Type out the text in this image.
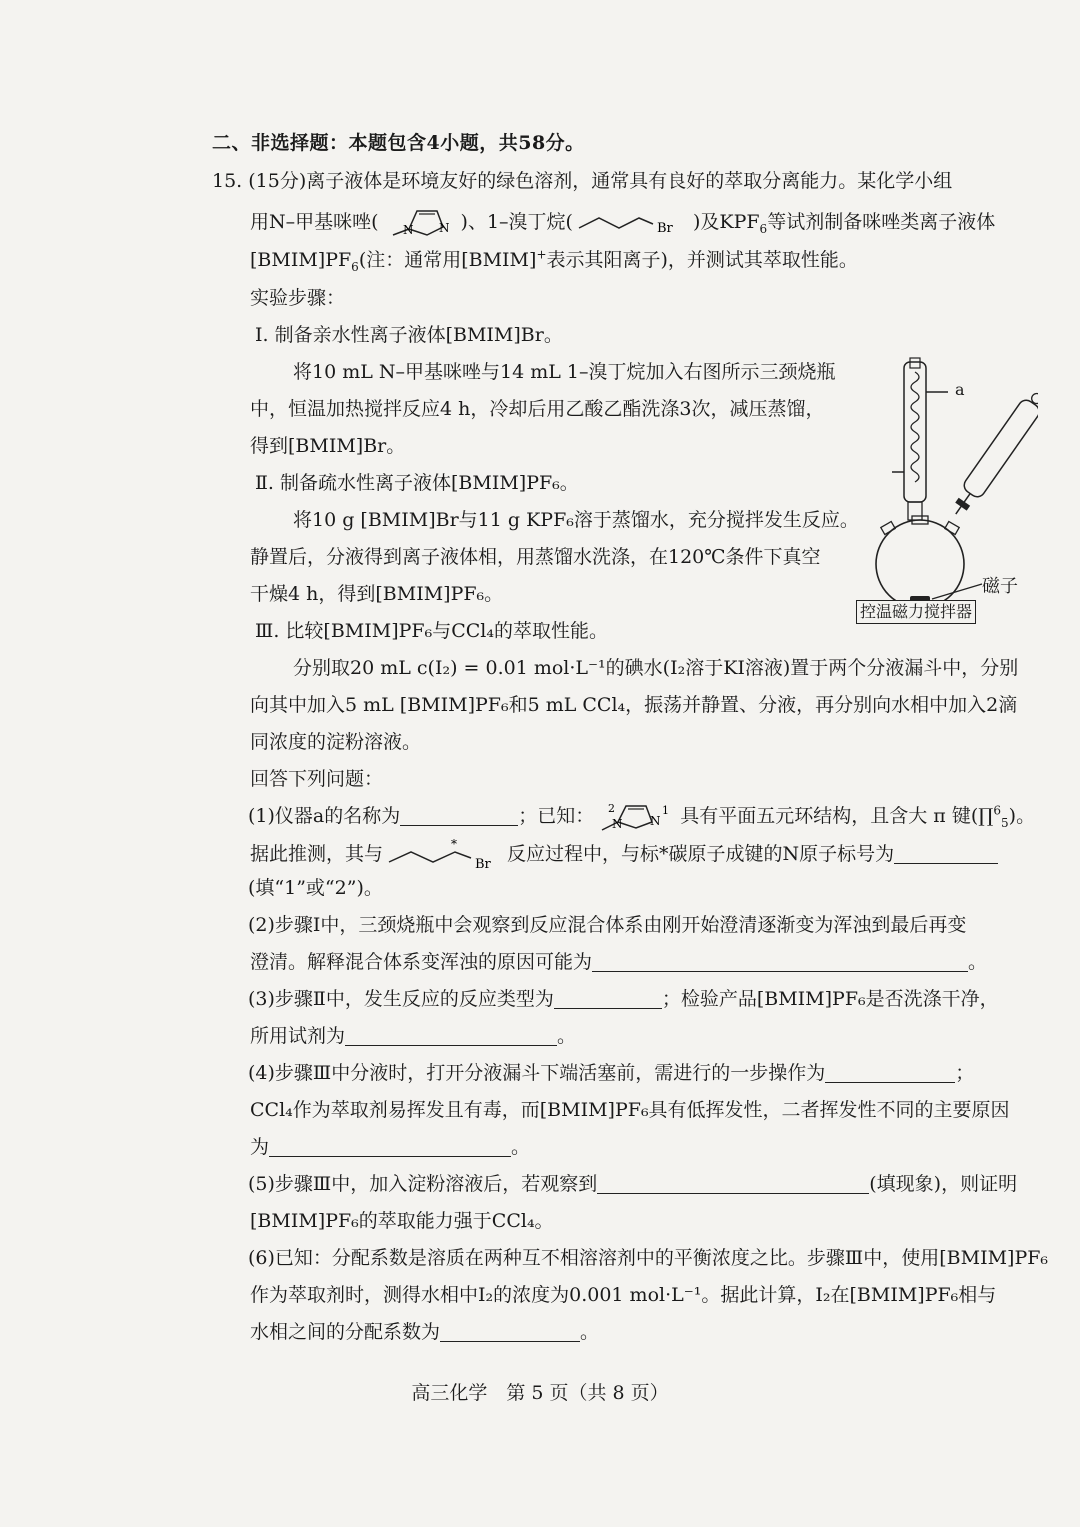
二、非选择题：本题包含4小题，共58分。
15. (15分)离子液体是环境友好的绿色溶剂，通常具有良好的萃取分离能力。某化学小组
用N–甲基咪唑( N N )、1–溴丁烷(	Br )及$KPF_6$等试剂制备咪唑类离子液体
$[BMIM]PF_6$(注：通常用[BMIM]+表示其阳离子)，并测试其萃取性能。
实验步骤：
Ⅰ. 制备亲水性离子液体[BMIM]Br。
将10 mL N–甲基咪唑与14 mL 1–溴丁烷加入右图所示三颈烧瓶
中，恒温加热搅拌反应4 h，冷却后用乙酸乙酯洗涤3次，减压蒸馏，
得到[BMIM]Br。
Ⅱ. 制备疏水性离子液体[BMIM]PF₆。
将10 g [BMIM]Br与11 g KPF₆溶于蒸馏水，充分搅拌发生反应。
静置后，分液得到离子液体相，用蒸馏水洗涤，在120℃条件下真空
干燥4 h，得到[BMIM]PF₆。
a
磁子
控温磁力搅拌器
Ⅲ. 比较[BMIM]PF₆与CCl₄的萃取性能。
分别取20 mL c(I₂) = 0.01 mol·L⁻¹的碘水(I₂溶于KI溶液)置于两个分液漏斗中，分别
向其中加入5 mL [BMIM]PF₆和5 mL CCl₄，振荡并静置、分液，再分别向水相中加入2滴
同浓度的淀粉溶液。
回答下列问题：
(1)仪器a的名称为	；已知： N N
2	1 具有平面五元环结构，且含大 π 键(∏$^6_5$)。
据此推测，其与	*
Br 反应过程中，与标*碳原子成键的N原子标号为
(填“1”或“2”)。
(2)步骤Ⅰ中，三颈烧瓶中会观察到反应混合体系由刚开始澄清逐渐变为浑浊到最后再变
澄清。解释混合体系变浑浊的原因可能为	。
(3)步骤Ⅱ中，发生反应的反应类型为	；检验产品[BMIM]PF₆是否洗涤干净，
所用试剂为	。
(4)步骤Ⅲ中分液时，打开分液漏斗下端活塞前，需进行的一步操作为	；
CCl₄作为萃取剂易挥发且有毒，而[BMIM]PF₆具有低挥发性，二者挥发性不同的主要原因
为	。
(5)步骤Ⅲ中，加入淀粉溶液后，若观察到	(填现象)，则证明
[BMIM]PF₆的萃取能力强于CCl₄。
(6)已知：分配系数是溶质在两种互不相溶溶剂中的平衡浓度之比。步骤Ⅲ中，使用[BMIM]PF₆
作为萃取剂时，测得水相中I₂的浓度为0.001 mol·L⁻¹。据此计算，I₂在[BMIM]PF₆相与
水相之间的分配系数为	。
高三化学　第 5 页（共 8 页）
